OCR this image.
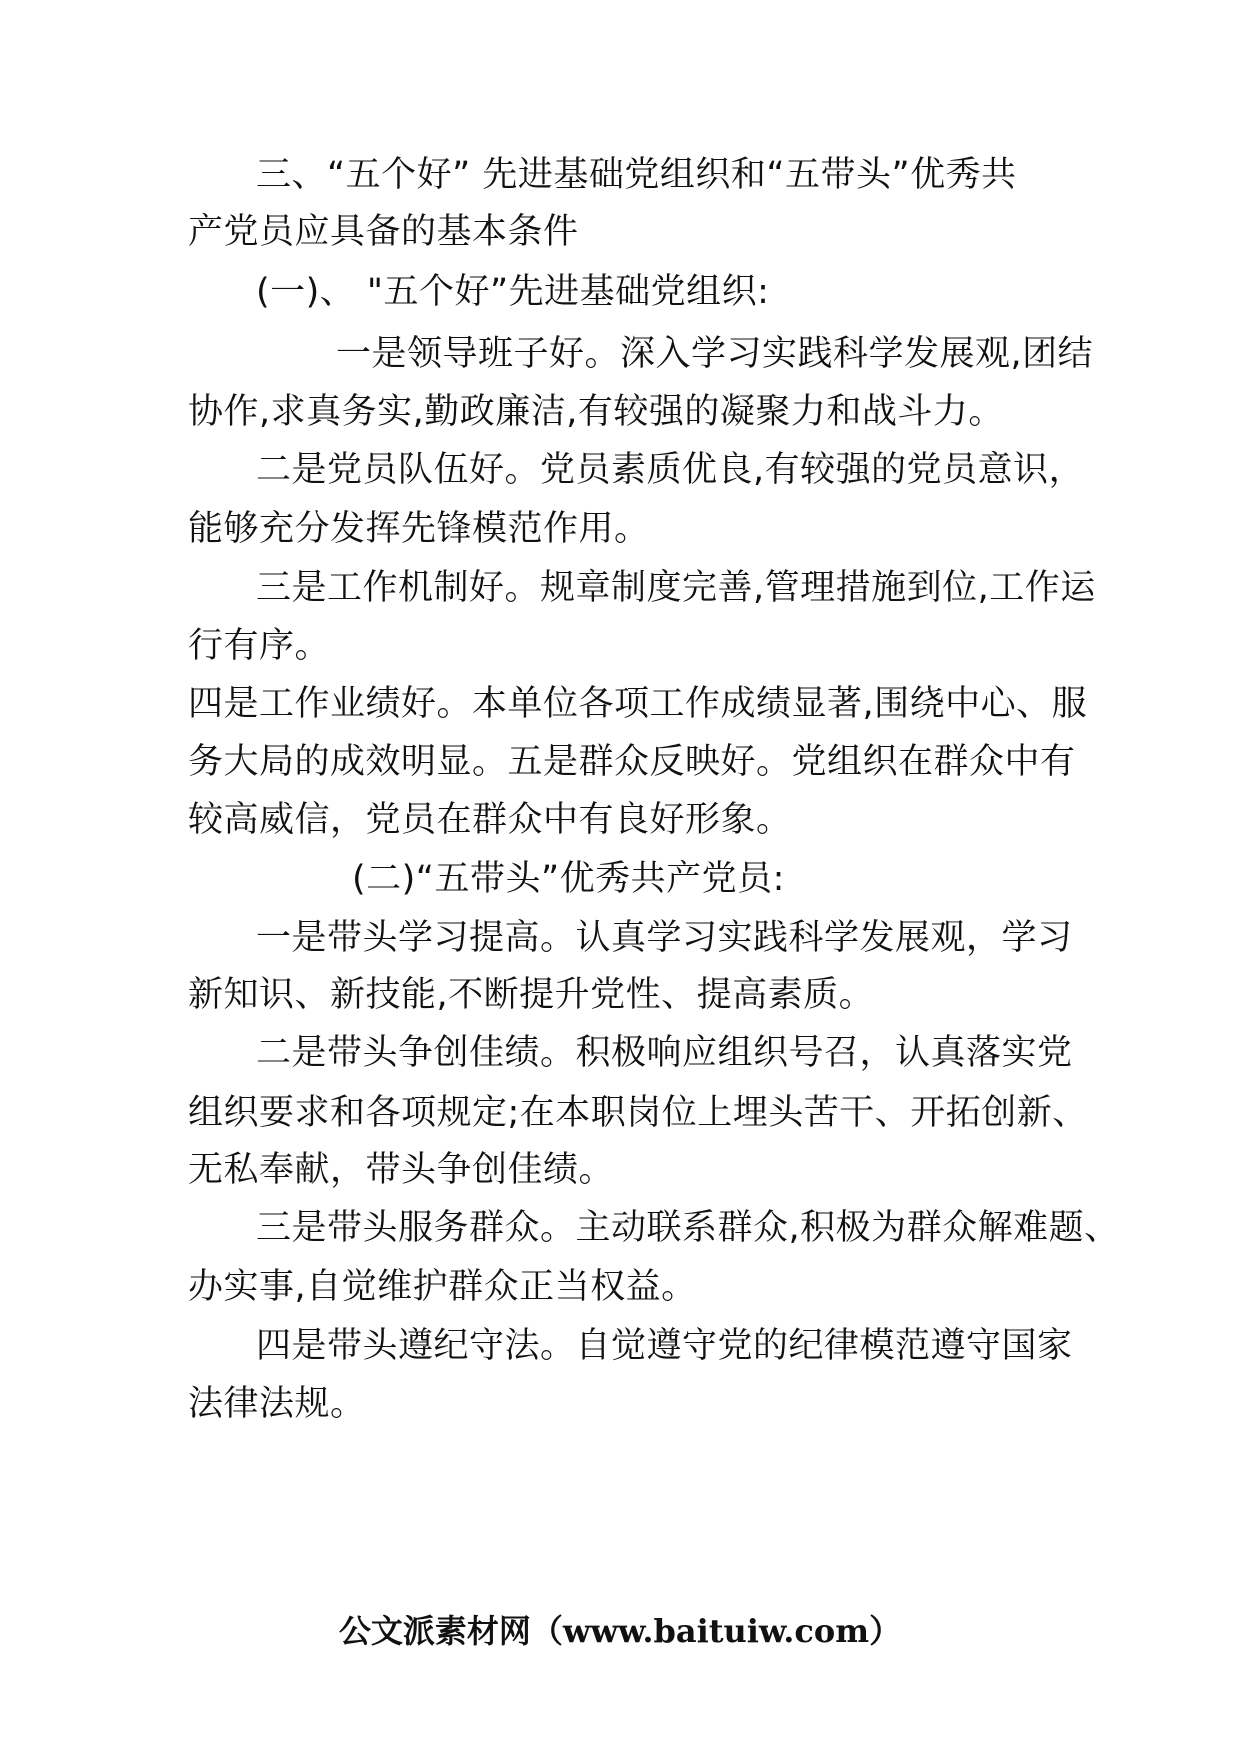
三、“五个好” 先进基础党组织和“五带头”优秀共
产党员应具备的基本条件
(一)、 "五个好”先进基础党组织:
一是领导班子好。深入学习实践科学发展观,团结
协作,求真务实,勤政廉洁,有较强的凝聚力和战斗力。
二是党员队伍好。党员素质优良,有较强的党员意识，
能够充分发挥先锋模范作用。
三是工作机制好。规章制度完善,管理措施到位,工作运
行有序。
四是工作业绩好。本单位各项工作成绩显著,围绕中心、服
务大局的成效明显。五是群众反映好。党组织在群众中有
较高威信，党员在群众中有良好形象。
(二)“五带头”优秀共产党员:
一是带头学习提高。认真学习实践科学发展观，学习
新知识、新技能,不断提升党性、提高素质。
二是带头争创佳绩。积极响应组织号召，认真落实党
组织要求和各项规定;在本职岗位上埋头苦干、开拓创新、
无私奉献，带头争创佳绩。
三是带头服务群众。主动联系群众,积极为群众解难题、
办实事,自觉维护群众正当权益。
四是带头遵纪守法。自觉遵守党的纪律模范遵守国家
法律法规。
公文派素材网（www.baituiw.com）
